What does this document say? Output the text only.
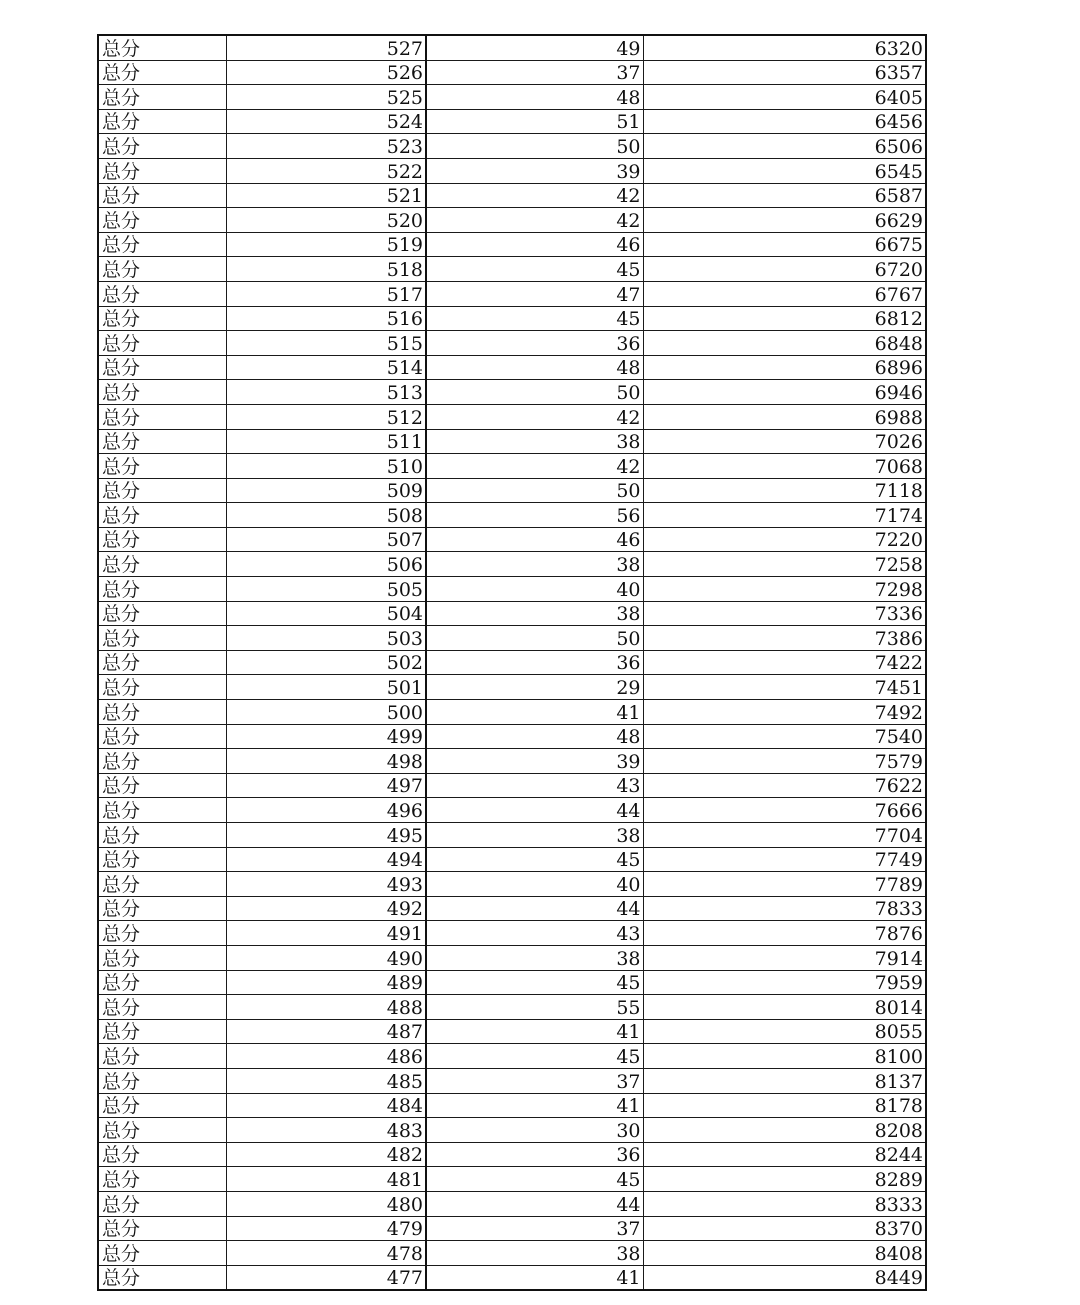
总分	527	49	6320
总分	526	37	6357
总分	525	48	6405
总分	524	51	6456
总分	523	50	6506
总分	522	39	6545
总分	521	42	6587
总分	520	42	6629
总分	519	46	6675
总分	518	45	6720
总分	517	47	6767
总分	516	45	6812
总分	515	36	6848
总分	514	48	6896
总分	513	50	6946
总分	512	42	6988
总分	511	38	7026
总分	510	42	7068
总分	509	50	7118
总分	508	56	7174
总分	507	46	7220
总分	506	38	7258
总分	505	40	7298
总分	504	38	7336
总分	503	50	7386
总分	502	36	7422
总分	501	29	7451
总分	500	41	7492
总分	499	48	7540
总分	498	39	7579
总分	497	43	7622
总分	496	44	7666
总分	495	38	7704
总分	494	45	7749
总分	493	40	7789
总分	492	44	7833
总分	491	43	7876
总分	490	38	7914
总分	489	45	7959
总分	488	55	8014
总分	487	41	8055
总分	486	45	8100
总分	485	37	8137
总分	484	41	8178
总分	483	30	8208
总分	482	36	8244
总分	481	45	8289
总分	480	44	8333
总分	479	37	8370
总分	478	38	8408
总分	477	41	8449
